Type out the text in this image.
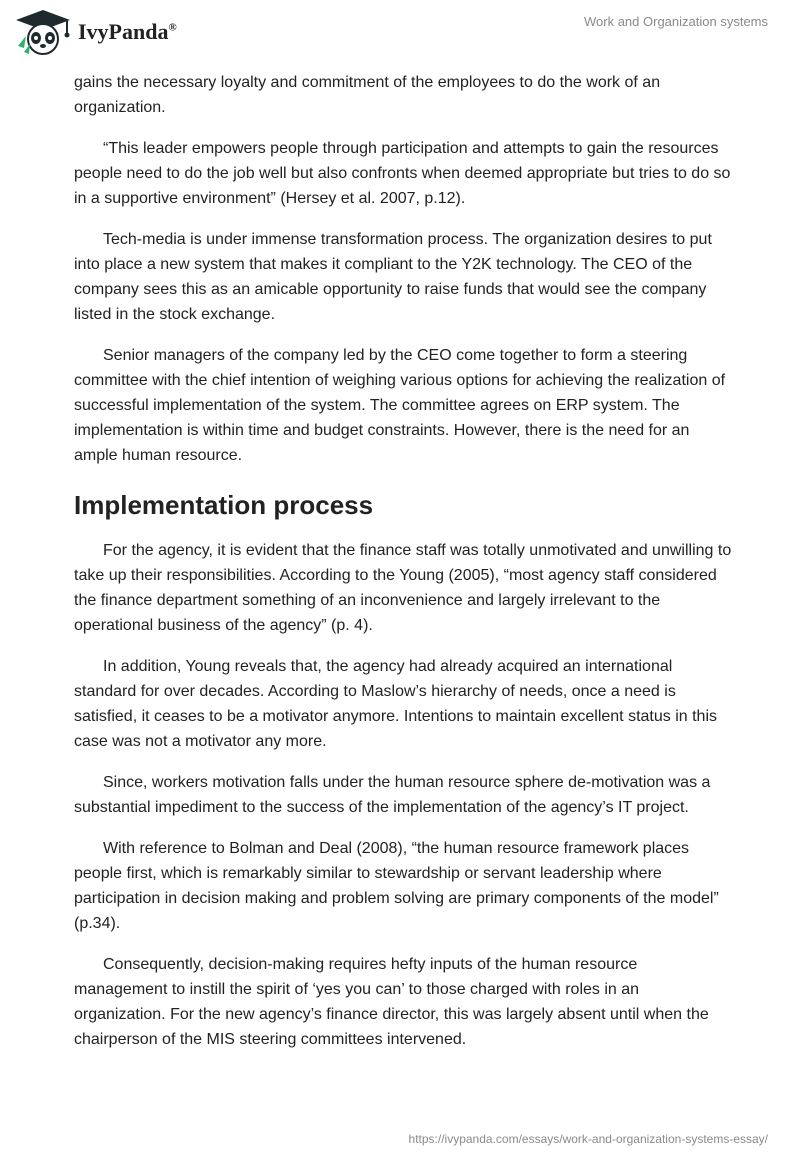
IvyPanda®	Work and Organization systems

gains the necessary loyalty and commitment of the employees to do the work of an organization.

“This leader empowers people through participation and attempts to gain the resources people need to do the job well but also confronts when deemed appropriate but tries to do so in a supportive environment” (Hersey et al. 2007, p.12).

Tech-media is under immense transformation process. The organization desires to put into place a new system that makes it compliant to the Y2K technology. The CEO of the company sees this as an amicable opportunity to raise funds that would see the company listed in the stock exchange.

Senior managers of the company led by the CEO come together to form a steering committee with the chief intention of weighing various options for achieving the realization of successful implementation of the system. The committee agrees on ERP system. The implementation is within time and budget constraints. However, there is the need for an ample human resource.

Implementation process

For the agency, it is evident that the finance staff was totally unmotivated and unwilling to take up their responsibilities. According to the Young (2005), “most agency staff considered the finance department something of an inconvenience and largely irrelevant to the operational business of the agency” (p. 4).

In addition, Young reveals that, the agency had already acquired an international standard for over decades. According to Maslow’s hierarchy of needs, once a need is satisfied, it ceases to be a motivator anymore. Intentions to maintain excellent status in this case was not a motivator any more.

Since, workers motivation falls under the human resource sphere de-motivation was a substantial impediment to the success of the implementation of the agency’s IT project.

With reference to Bolman and Deal (2008), “the human resource framework places people first, which is remarkably similar to stewardship or servant leadership where participation in decision making and problem solving are primary components of the model” (p.34).

Consequently, decision-making requires hefty inputs of the human resource management to instill the spirit of ‘yes you can’ to those charged with roles in an organization. For the new agency’s finance director, this was largely absent until when the chairperson of the MIS steering committees intervened.

https://ivypanda.com/essays/work-and-organization-systems-essay/
